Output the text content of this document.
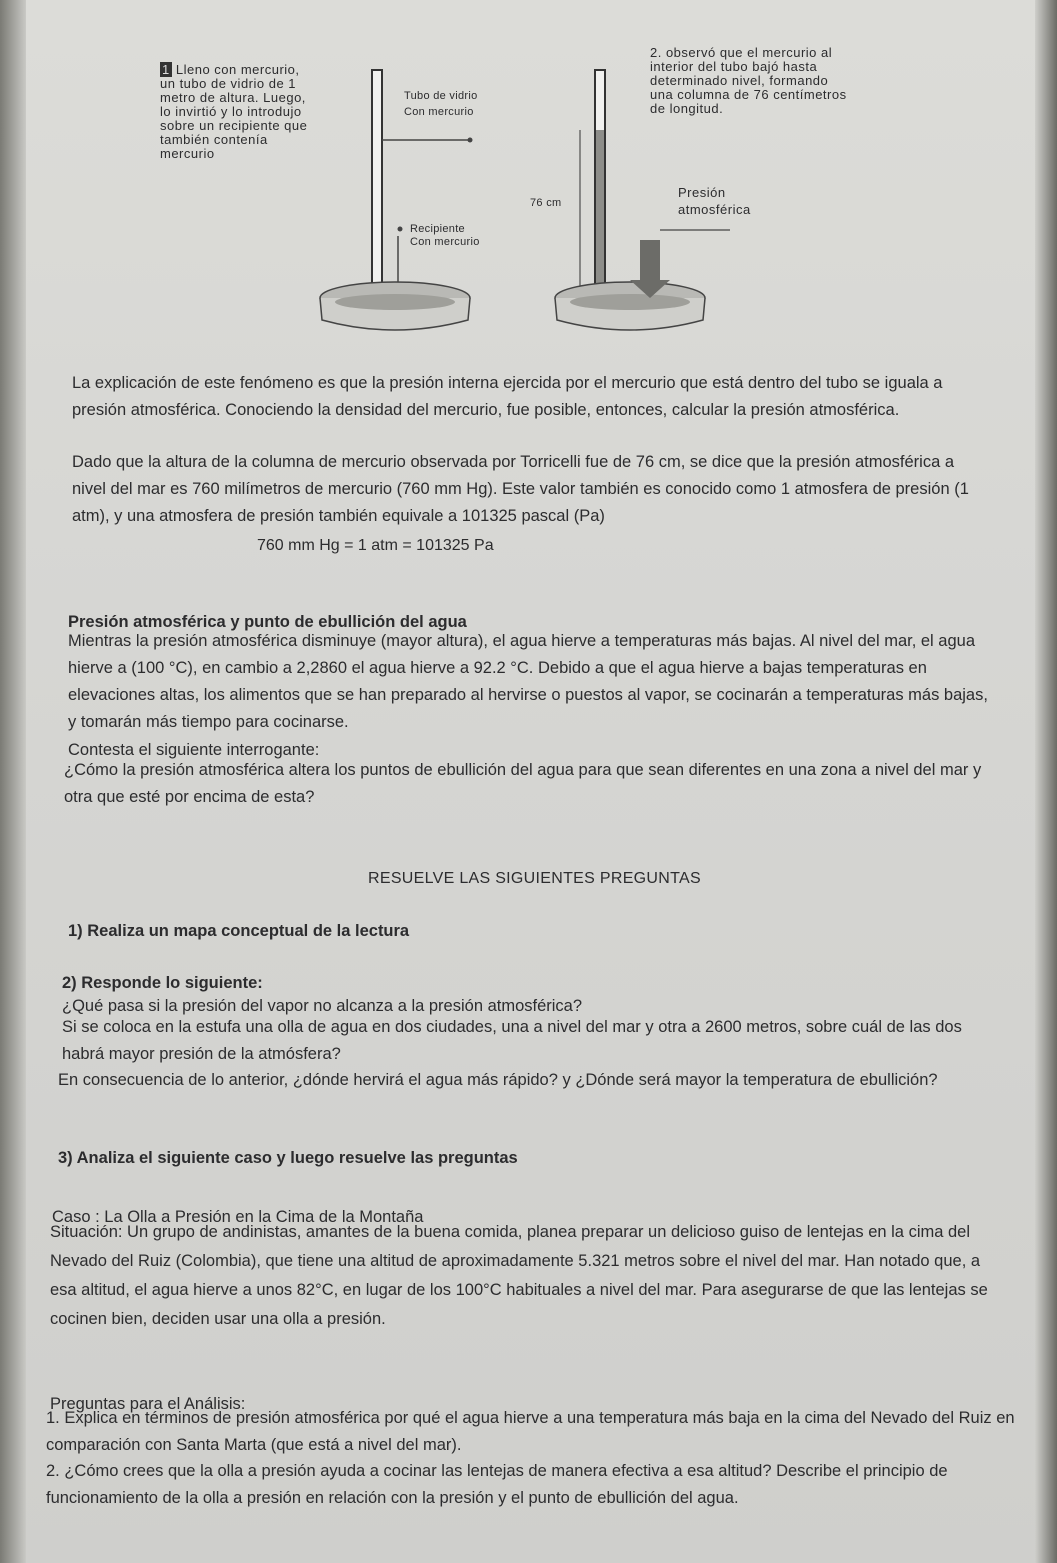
1 Lleno con mercurio,
un tubo de vidrio de 1
metro de altura. Luego,
lo invirtió y lo introdujo
sobre un recipiente que
también contenía
mercurio
Tubo de vidrio
Con mercurio
Recipiente
Con mercurio
2. observó que el mercurio al
interior del tubo bajó hasta
determinado nivel, formando
una columna de 76 centímetros
de longitud.
76 cm
Presión
atmosférica
La explicación de este fenómeno es que la presión interna ejercida por el mercurio que está dentro del tubo se iguala a presión atmosférica. Conociendo la densidad del mercurio, fue posible, entonces, calcular la presión atmosférica.
Dado que la altura de la columna de mercurio observada por Torricelli fue de 76 cm, se dice que la presión atmosférica a nivel del mar es 760 milímetros de mercurio (760 mm Hg). Este valor también es conocido como 1 atmosfera de presión (1 atm), y una atmosfera de presión también equivale a 101325 pascal (Pa)
760 mm Hg = 1 atm = 101325 Pa
Presión atmosférica y punto de ebullición del agua
Mientras la presión atmosférica disminuye (mayor altura), el agua hierve a temperaturas más bajas. Al nivel del mar, el agua hierve a (100 °C), en cambio a 2,2860 el agua hierve a 92.2 °C. Debido a que el agua hierve a bajas temperaturas en elevaciones altas, los alimentos que se han preparado al hervirse o puestos al vapor, se cocinarán a temperaturas más bajas, y tomarán más tiempo para cocinarse.
Contesta el siguiente interrogante:
¿Cómo la presión atmosférica altera los puntos de ebullición del agua para que sean diferentes en una zona a nivel del mar y otra que esté por encima de esta?
RESUELVE LAS SIGUIENTES PREGUNTAS
1) Realiza un mapa conceptual de la lectura
2) Responde lo siguiente:
¿Qué pasa si la presión del vapor no alcanza a la presión atmosférica?
Si se coloca en la estufa una olla de agua en dos ciudades, una a nivel del mar y otra a 2600 metros, sobre cuál de las dos habrá mayor presión de la atmósfera?
En consecuencia de lo anterior, ¿dónde hervirá el agua más rápido? y ¿Dónde será mayor la temperatura de ebullición?
3) Analiza el siguiente caso y luego resuelve las preguntas
Caso : La Olla a Presión en la Cima de la Montaña
Situación: Un grupo de andinistas, amantes de la buena comida, planea preparar un delicioso guiso de lentejas en la cima del Nevado del Ruiz (Colombia), que tiene una altitud de aproximadamente 5.321 metros sobre el nivel del mar. Han notado que, a esa altitud, el agua hierve a unos 82°C, en lugar de los 100°C habituales a nivel del mar. Para asegurarse de que las lentejas se cocinen bien, deciden usar una olla a presión.
Preguntas para el Análisis:
1. Explica en términos de presión atmosférica por qué el agua hierve a una temperatura más baja en la cima del Nevado del Ruiz en comparación con Santa Marta (que está a nivel del mar).
2. ¿Cómo crees que la olla a presión ayuda a cocinar las lentejas de manera efectiva a esa altitud? Describe el principio de funcionamiento de la olla a presión en relación con la presión y el punto de ebullición del agua.
